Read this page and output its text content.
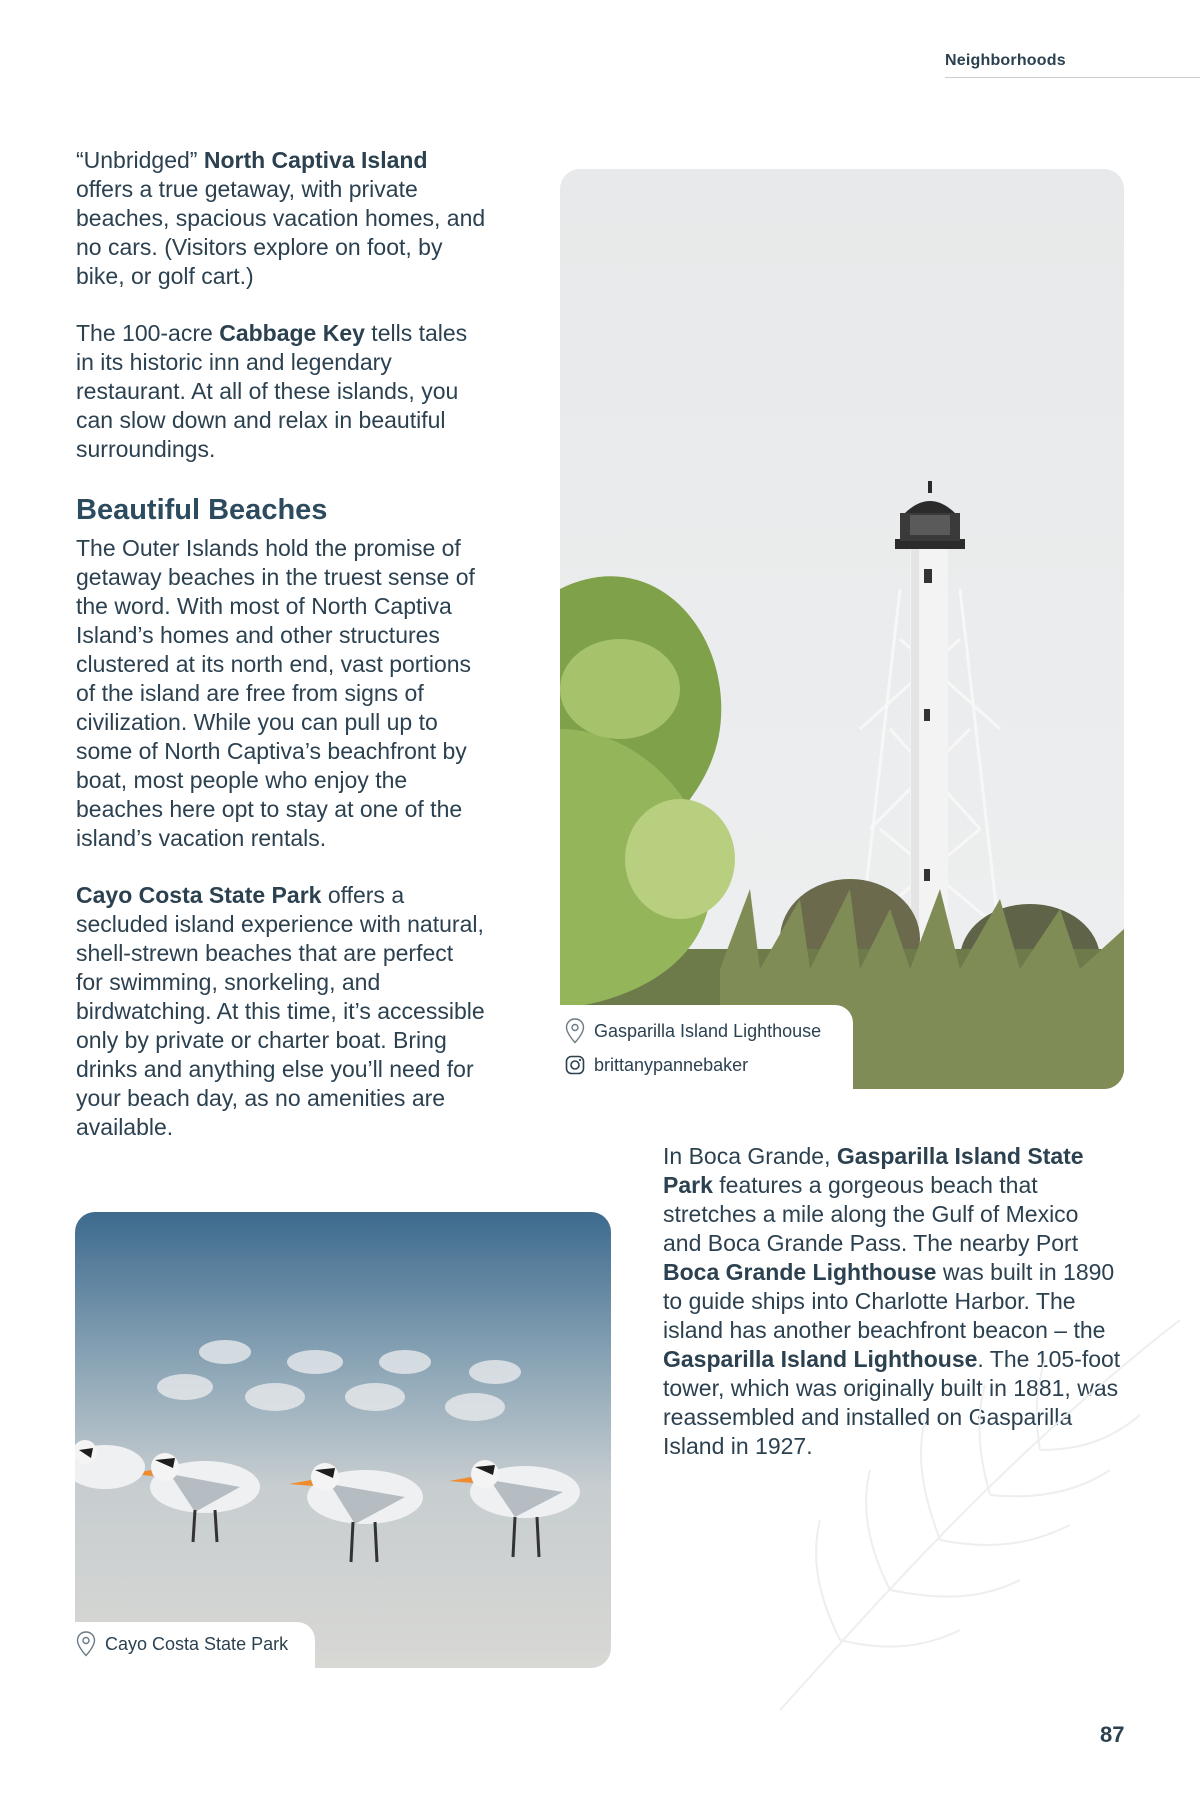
Neighborhoods

“Unbridged” North Captiva Island offers a true getaway, with private beaches, spacious vacation homes, and no cars. (Visitors explore on foot, by bike, or golf cart.)

The 100-acre Cabbage Key tells tales in its historic inn and legendary restaurant. At all of these islands, you can slow down and relax in beautiful surroundings.

Beautiful Beaches

The Outer Islands hold the promise of getaway beaches in the truest sense of the word. With most of North Captiva Island’s homes and other structures clustered at its north end, vast portions of the island are free from signs of civilization. While you can pull up to some of North Captiva’s beachfront by boat, most people who enjoy the beaches here opt to stay at one of the island’s vacation rentals.

Cayo Costa State Park offers a secluded island experience with natural, shell-strewn beaches that are perfect for swimming, snorkeling, and birdwatching. At this time, it’s accessible only by private or charter boat. Bring drinks and anything else you’ll need for your beach day, as no amenities are available.

Gasparilla Island Lighthouse
brittanypannebaker

In Boca Grande, Gasparilla Island State Park features a gorgeous beach that stretches a mile along the Gulf of Mexico and Boca Grande Pass. The nearby Port Boca Grande Lighthouse was built in 1890 to guide ships into Charlotte Harbor. The island has another beachfront beacon – the Gasparilla Island Lighthouse. The 105-foot tower, which was originally built in 1881, was reassembled and installed on Gasparilla Island in 1927.

Cayo Costa State Park
87
